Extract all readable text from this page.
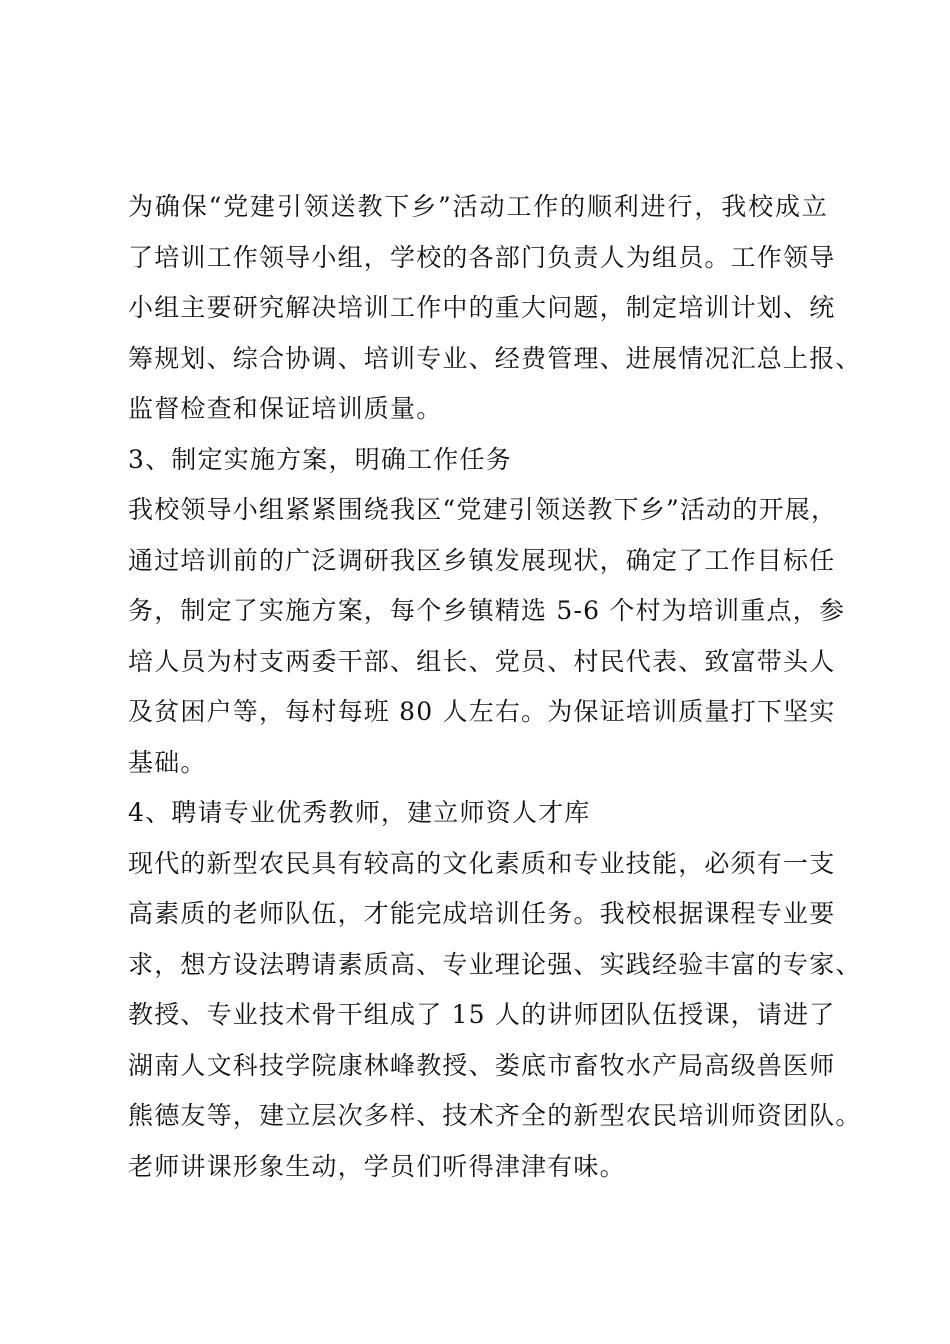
为确保“党建引领送教下乡”活动工作的顺利进行，我校成立
了培训工作领导小组，学校的各部门负责人为组员。工作领导
小组主要研究解决培训工作中的重大问题，制定培训计划、统
筹规划、综合协调、培训专业、经费管理、进展情况汇总上报、
监督检查和保证培训质量。
3、制定实施方案，明确工作任务
我校领导小组紧紧围绕我区“党建引领送教下乡”活动的开展，
通过培训前的广泛调研我区乡镇发展现状，确定了工作目标任
务，制定了实施方案，每个乡镇精选 5-6 个村为培训重点，参
培人员为村支两委干部、组长、党员、村民代表、致富带头人
及贫困户等，每村每班 80 人左右。为保证培训质量打下坚实
基础。
4、聘请专业优秀教师，建立师资人才库
现代的新型农民具有较高的文化素质和专业技能，必须有一支
高素质的老师队伍，才能完成培训任务。我校根据课程专业要
求，想方设法聘请素质高、专业理论强、实践经验丰富的专家、
教授、专业技术骨干组成了 15 人的讲师团队伍授课，请进了
湖南人文科技学院康林峰教授、娄底市畜牧水产局高级兽医师
熊德友等，建立层次多样、技术齐全的新型农民培训师资团队。
老师讲课形象生动，学员们听得津津有味。
